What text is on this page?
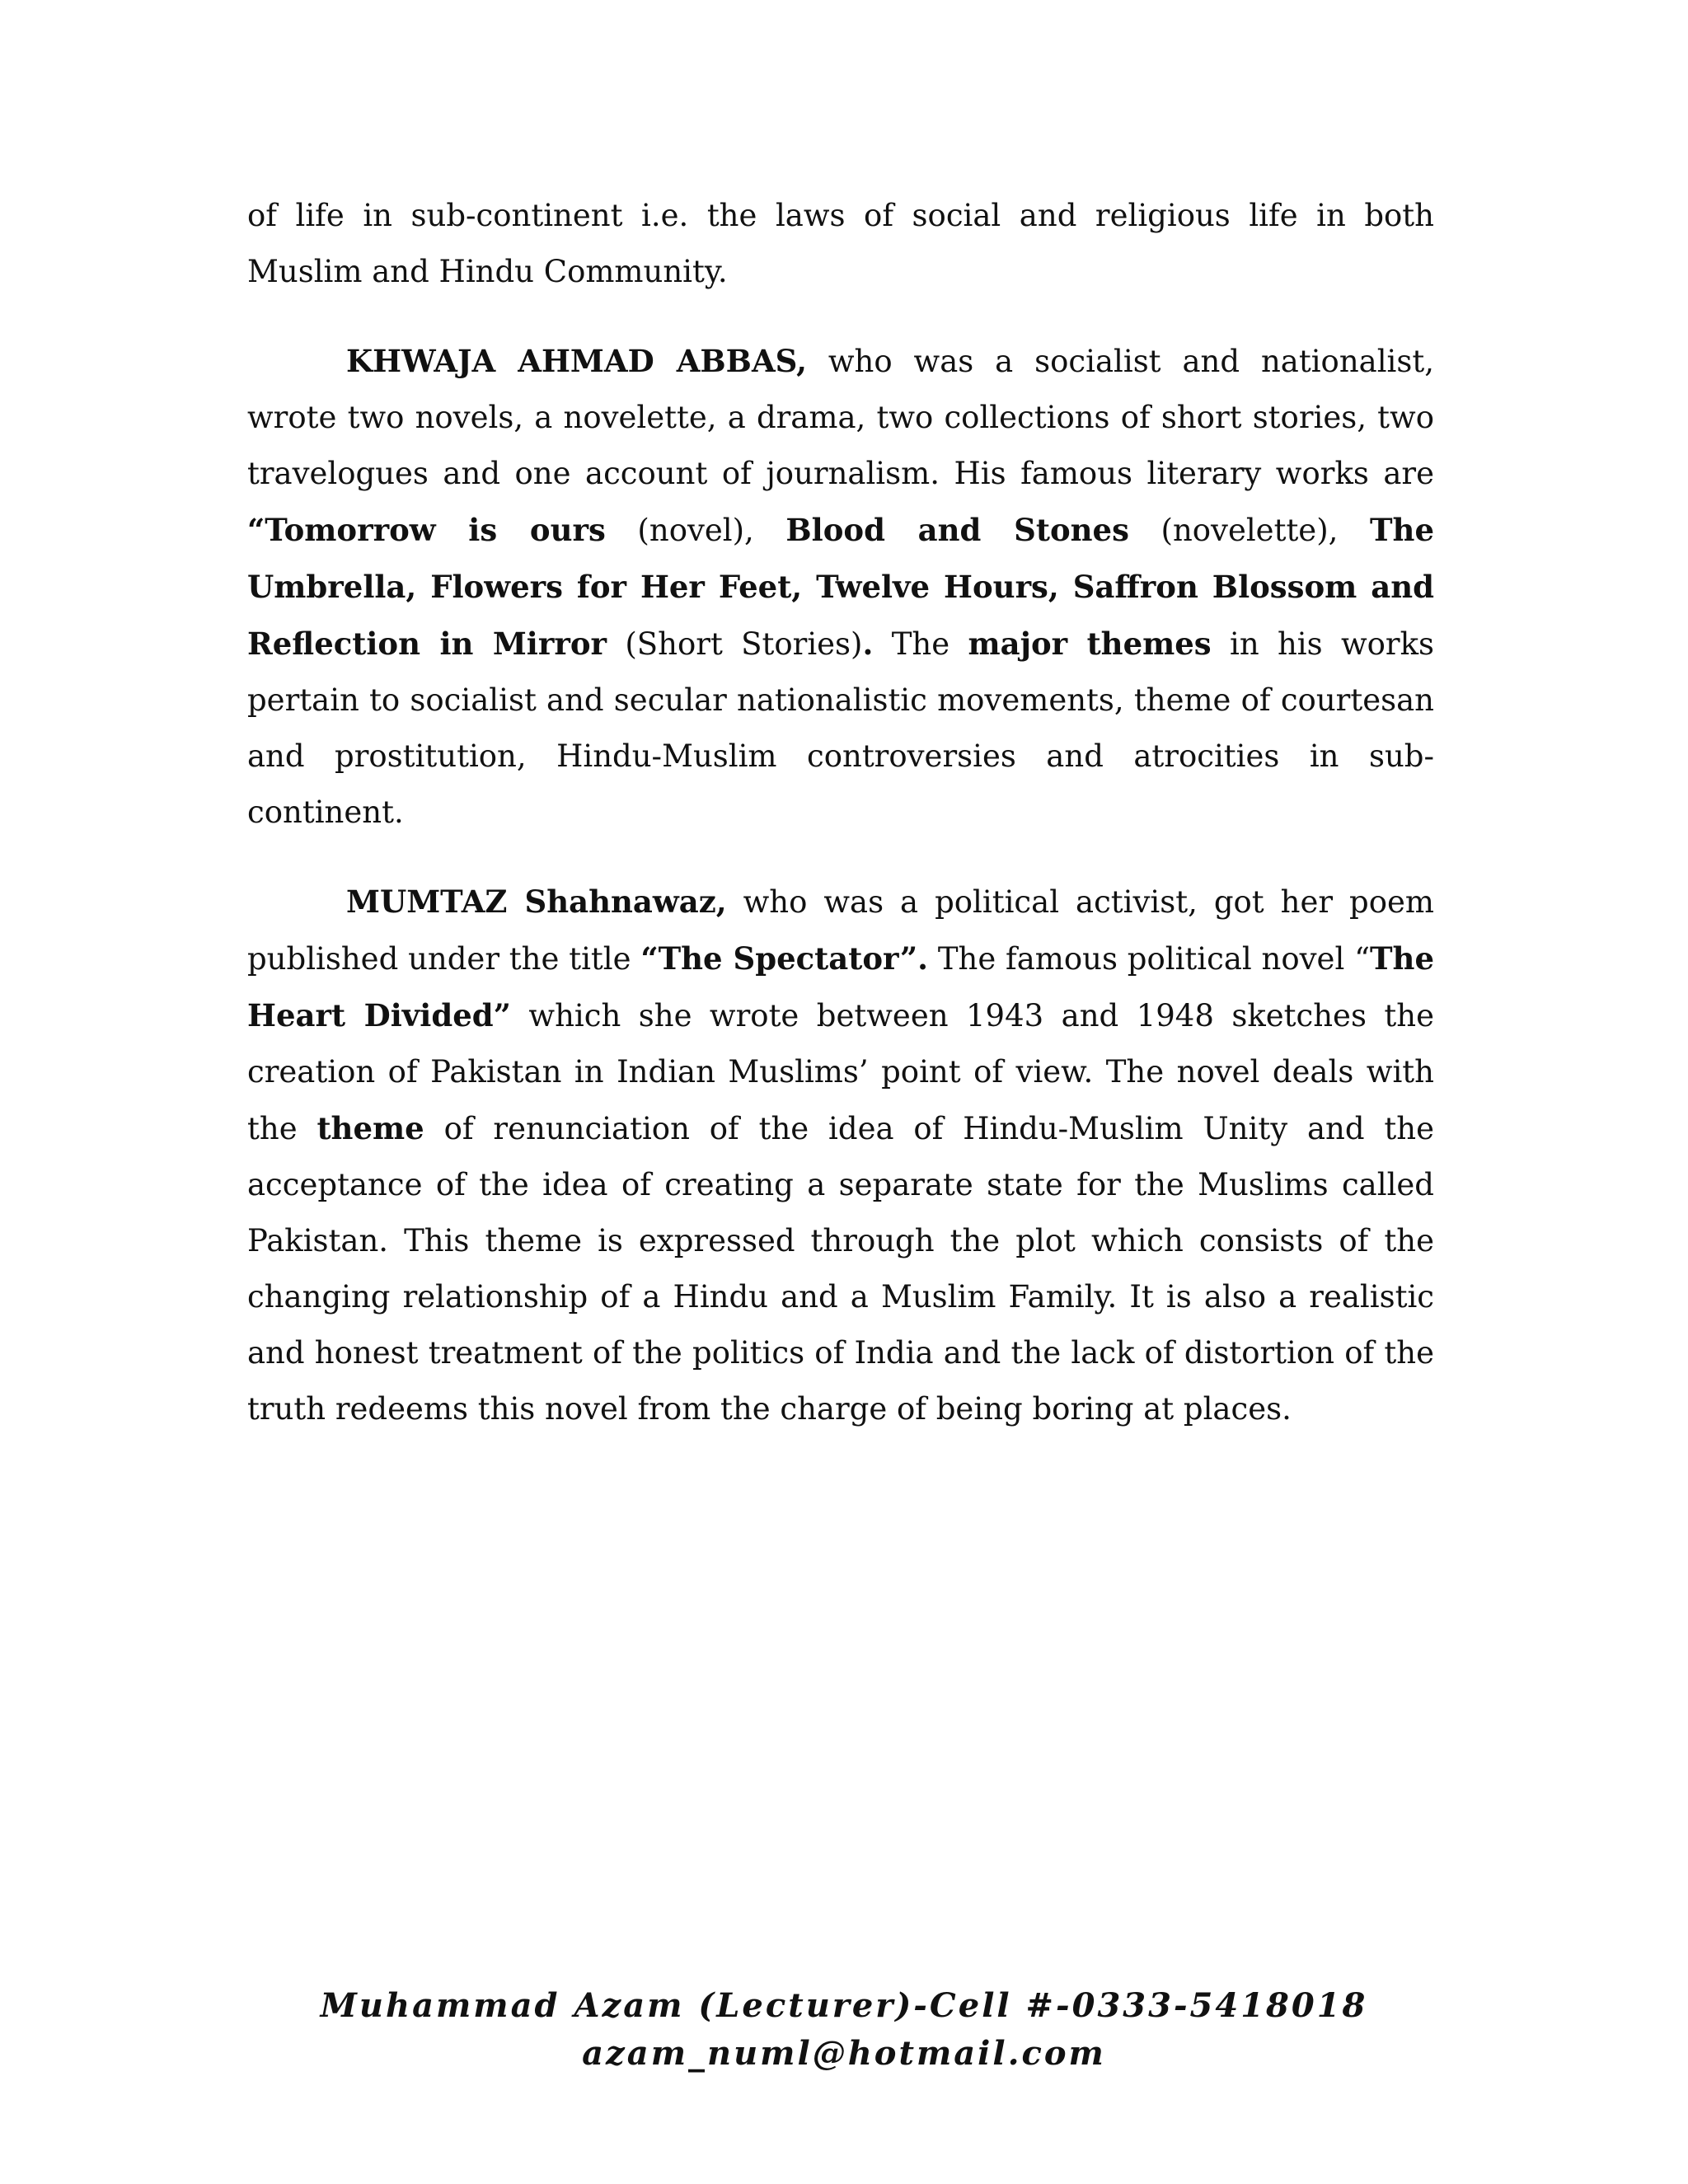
of life in sub-continent i.e. the laws of social and religious life in both Muslim and Hindu Community.

KHWAJA AHMAD ABBAS, who was a socialist and nationalist, wrote two novels, a novelette, a drama, two collections of short stories, two travelogues and one account of journalism. His famous literary works are “Tomorrow is ours (novel), Blood and Stones (novelette), The Umbrella, Flowers for Her Feet, Twelve Hours, Saffron Blossom and Reflection in Mirror (Short Stories). The major themes in his works pertain to socialist and secular nationalistic movements, theme of courtesan and prostitution, Hindu-Muslim controversies and atrocities in sub-continent.

MUMTAZ Shahnawaz, who was a political activist, got her poem published under the title “The Spectator”. The famous political novel “The Heart Divided” which she wrote between 1943 and 1948 sketches the creation of Pakistan in Indian Muslims’ point of view. The novel deals with the theme of renunciation of the idea of Hindu-Muslim Unity and the acceptance of the idea of creating a separate state for the Muslims called Pakistan. This theme is expressed through the plot which consists of the changing relationship of a Hindu and a Muslim Family. It is also a realistic and honest treatment of the politics of India and the lack of distortion of the truth redeems this novel from the charge of being boring at places.

Muhammad Azam (Lecturer)-Cell #-0333-5418018
azam_numl@hotmail.com
